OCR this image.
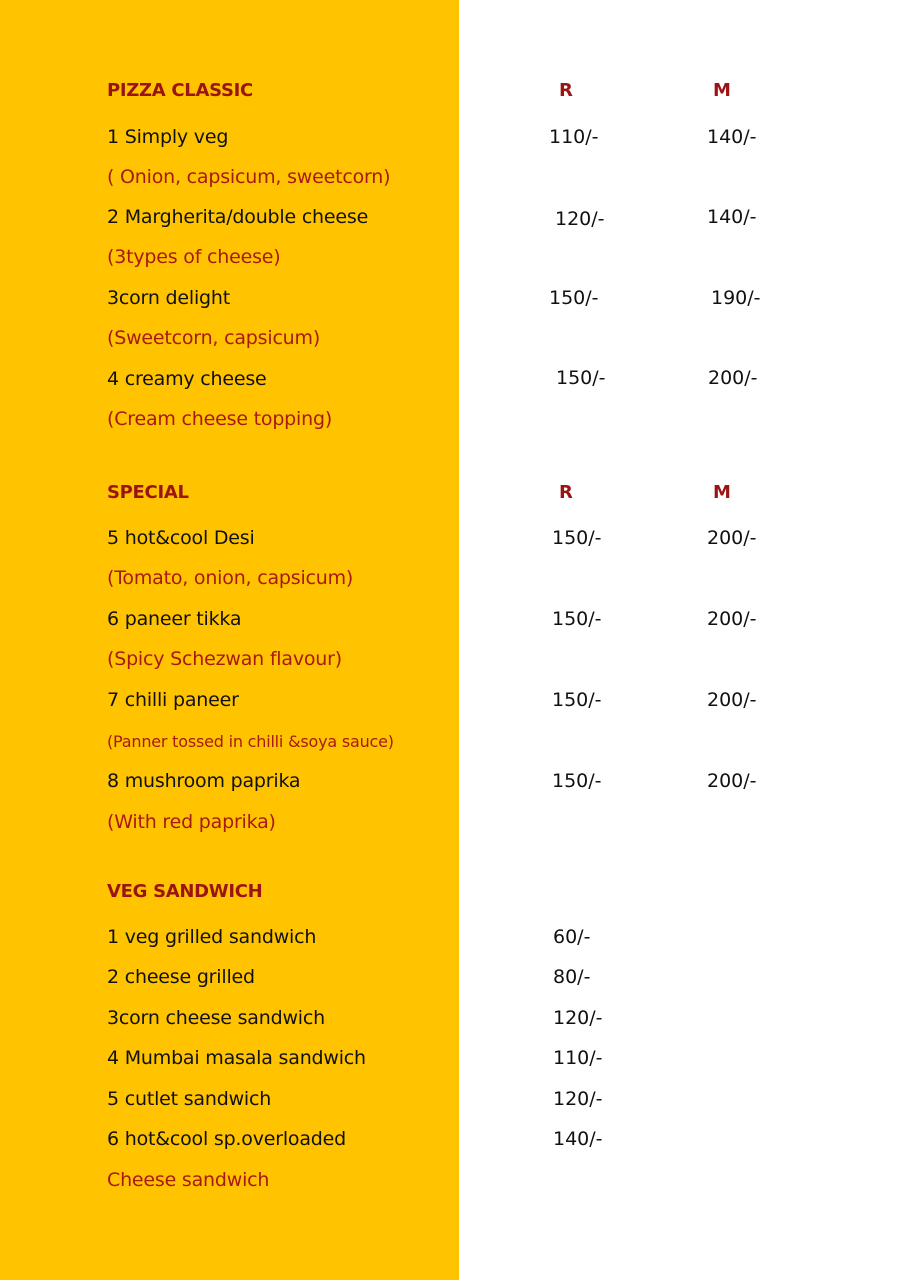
PIZZA CLASSIC	R	M
1 Simply veg	110/-	140/-
( Onion, capsicum, sweetcorn)
2 Margherita/double cheese	120/-	140/-
(3types of cheese)
3corn delight	150/-	190/-
(Sweetcorn, capsicum)
4 creamy cheese	150/-	200/-
(Cream cheese topping)
SPECIAL	R	M
5 hot&cool Desi	150/-	200/-
(Tomato, onion, capsicum)
6 paneer tikka	150/-	200/-
(Spicy Schezwan flavour)
7 chilli paneer	150/-	200/-
(Panner tossed in chilli &soya sauce)
8 mushroom paprika	150/-	200/-
(With red paprika)
VEG SANDWICH
1 veg grilled sandwich	60/-
2 cheese grilled	80/-
3corn cheese sandwich	120/-
4 Mumbai masala sandwich	110/-
5 cutlet sandwich	120/-
6 hot&cool sp.overloaded	140/-
Cheese sandwich
